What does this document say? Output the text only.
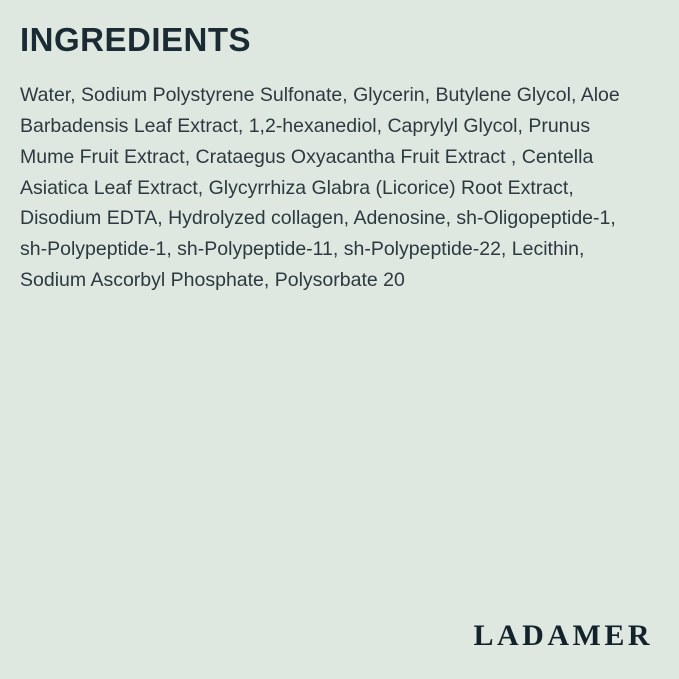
INGREDIENTS

Water, Sodium Polystyrene Sulfonate, Glycerin, Butylene Glycol, Aloe Barbadensis Leaf Extract, 1,2-hexanediol, Caprylyl Glycol, Prunus Mume Fruit Extract, Crataegus Oxyacantha Fruit Extract , Centella Asiatica Leaf Extract, Glycyrrhiza Glabra (Licorice) Root Extract, Disodium EDTA, Hydrolyzed collagen, Adenosine, sh-Oligopeptide-1, sh-Polypeptide-1, sh-Polypeptide-11, sh-Polypeptide-22, Lecithin, Sodium Ascorbyl Phosphate, Polysorbate 20

LADAMER
